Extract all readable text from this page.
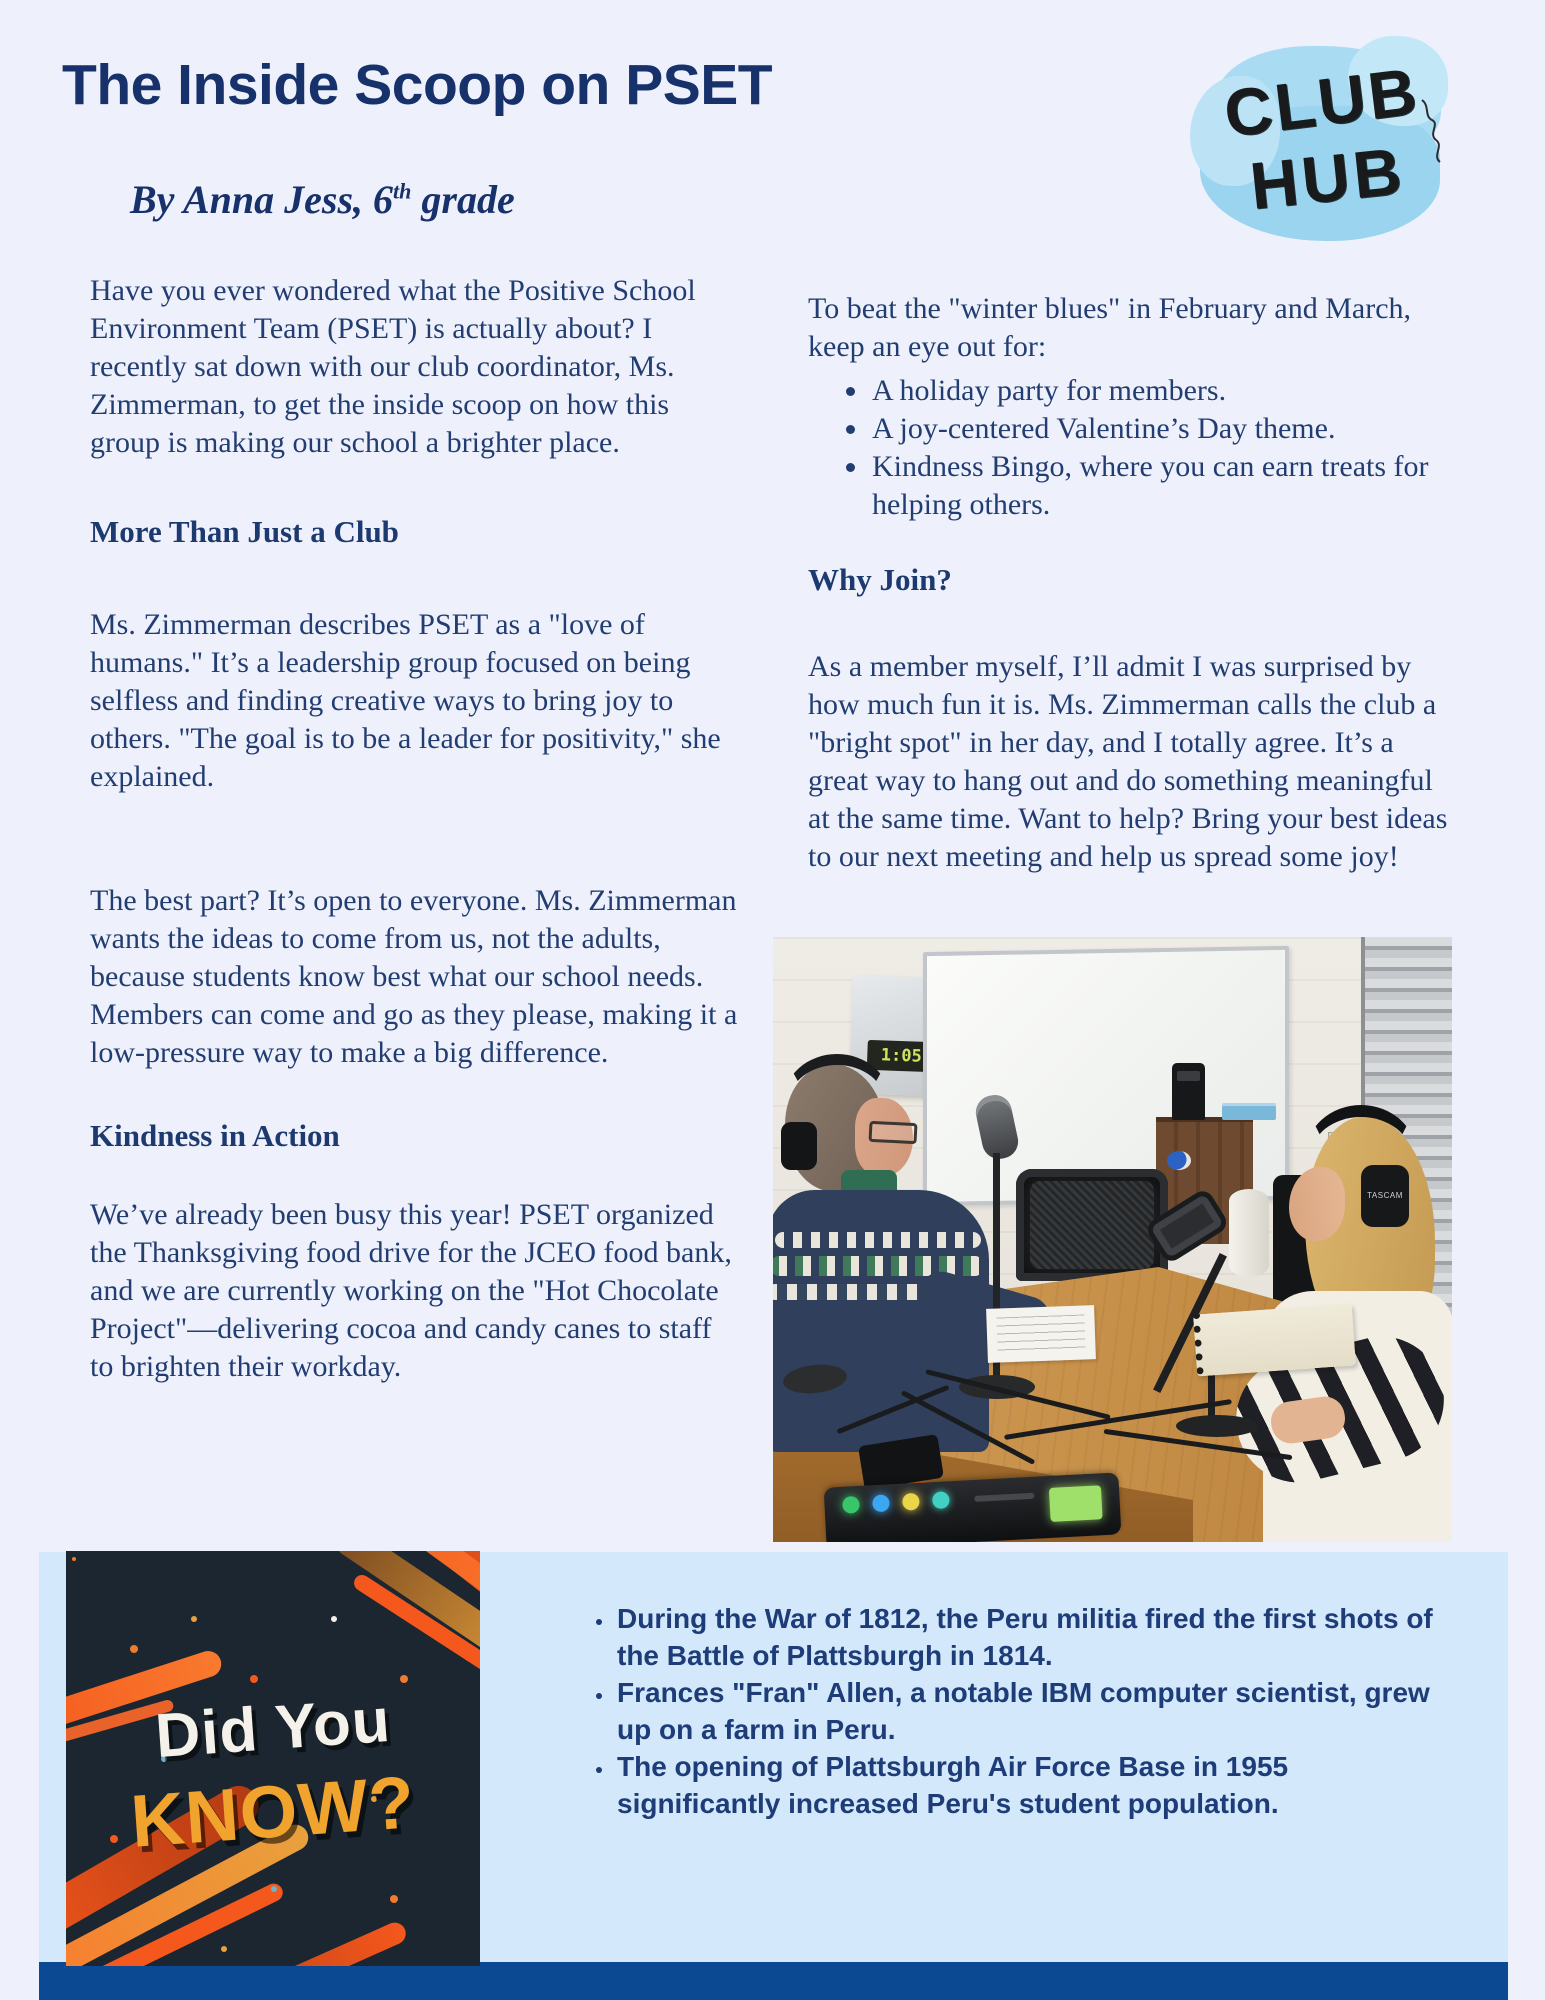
The Inside Scoop on PSET
By Anna Jess, 6th grade
CLUB
HUB

Have you ever wondered what the Positive School Environment Team (PSET) is actually about? I recently sat down with our club coordinator, Ms. Zimmerman, to get the inside scoop on how this group is making our school a brighter place.

More Than Just a Club

Ms. Zimmerman describes PSET as a "love of humans." It’s a leadership group focused on being selfless and finding creative ways to bring joy to others. "The goal is to be a leader for positivity," she explained.

The best part? It’s open to everyone. Ms. Zimmerman wants the ideas to come from us, not the adults, because students know best what our school needs. Members can come and go as they please, making it a low-pressure way to make a big difference.

Kindness in Action

We’ve already been busy this year! PSET organized the Thanksgiving food drive for the JCEO food bank, and we are currently working on the "Hot Chocolate Project"—delivering cocoa and candy canes to staff to brighten their workday.

To beat the "winter blues" in February and March, keep an eye out for:

• A holiday party for members.
• A joy-centered Valentine’s Day theme.
• Kindness Bingo, where you can earn treats for helping others.
Why Join?

As a member myself, I’ll admit I was surprised by how much fun it is. Ms. Zimmerman calls the club a "bright spot" in her day, and I totally agree. It’s a great way to hang out and do something meaningful at the same time. Want to help? Bring your best ideas to our next meeting and help us spread some joy!

1:05
TASCAM
Did You
KNOW?
• During the War of 1812, the Peru militia fired the first shots of the Battle of Plattsburgh in 1814.
• Frances "Fran" Allen, a notable IBM computer scientist, grew up on a farm in Peru.
• The opening of Plattsburgh Air Force Base in 1955 significantly increased Peru's student population.
